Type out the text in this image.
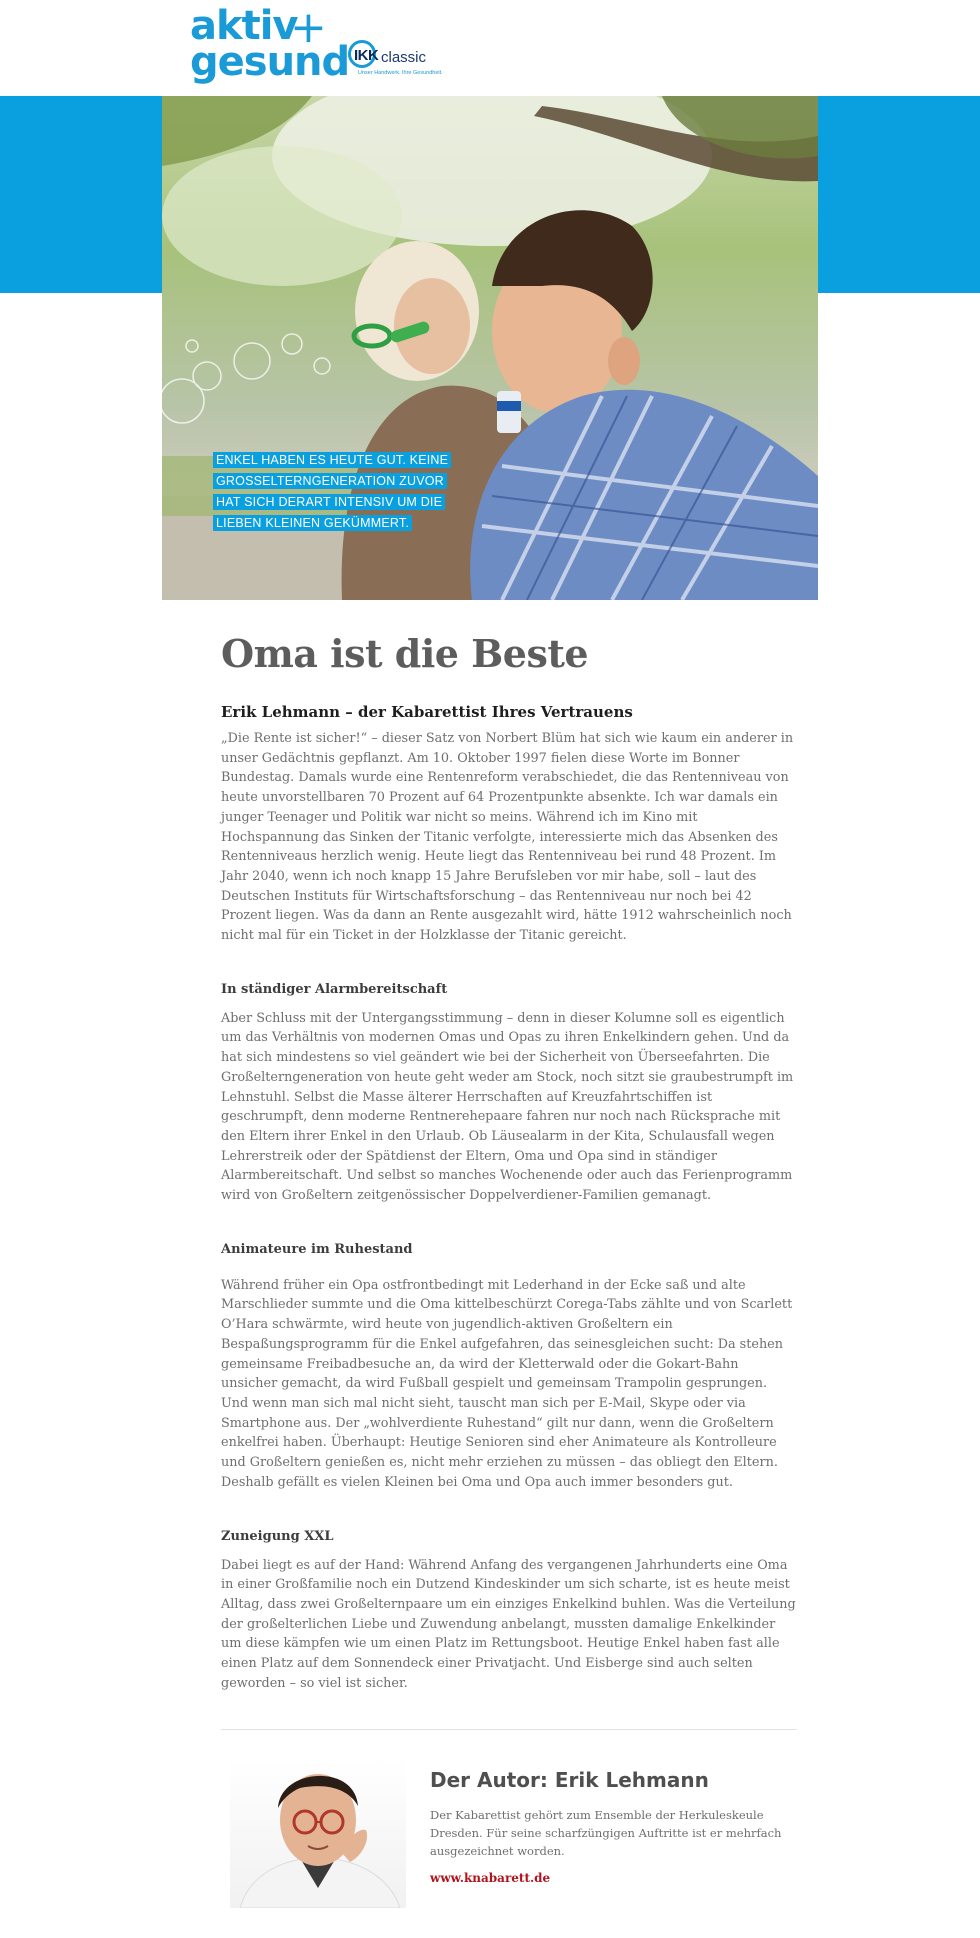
aktiv
gesund
+
IKK classic
Unser Handwerk. Ihre Gesundheit.
ENKEL HABEN ES HEUTE GUT. KEINE GROSSELTERNGENERATION ZUVOR HAT SICH DERART INTENSIV UM DIE LIEBEN KLEINEN GEKÜMMERT.
Oma ist die Beste
Erik Lehmann – der Kabarettist Ihres Vertrauens

„Die Rente ist sicher!“ – dieser Satz von Norbert Blüm hat sich wie kaum ein anderer in unser Gedächtnis gepflanzt. Am 10. Oktober 1997 fielen diese Worte im Bonner Bundestag. Damals wurde eine Rentenreform verabschiedet, die das Rentenniveau von heute unvorstellbaren 70 Prozent auf 64 Prozentpunkte absenkte. Ich war damals ein junger Teenager und Politik war nicht so meins. Während ich im Kino mit Hochspannung das Sinken der Titanic verfolgte, interessierte mich das Absenken des Rentenniveaus herzlich wenig. Heute liegt das Rentenniveau bei rund 48 Prozent. Im Jahr 2040, wenn ich noch knapp 15 Jahre Berufsleben vor mir habe, soll – laut des Deutschen Instituts für Wirtschaftsforschung – das Rentenniveau nur noch bei 42 Prozent liegen. Was da dann an Rente ausgezahlt wird, hätte 1912 wahrscheinlich noch nicht mal für ein Ticket in der Holzklasse der Titanic gereicht.

In ständiger Alarmbereitschaft

Aber Schluss mit der Untergangsstimmung – denn in dieser Kolumne soll es eigentlich um das Verhältnis von modernen Omas und Opas zu ihren Enkelkindern gehen. Und da hat sich mindestens so viel geändert wie bei der Sicherheit von Überseefahrten. Die Großelterngeneration von heute geht weder am Stock, noch sitzt sie graubestrumpft im Lehnstuhl. Selbst die Masse älterer Herrschaften auf Kreuzfahrtschiffen ist geschrumpft, denn moderne Rentnerehepaare fahren nur noch nach Rücksprache mit den Eltern ihrer Enkel in den Urlaub. Ob Läusealarm in der Kita, Schulausfall wegen Lehrerstreik oder der Spätdienst der Eltern, Oma und Opa sind in ständiger Alarmbereitschaft. Und selbst so manches Wochenende oder auch das Ferienprogramm wird von Großeltern zeitgenössischer Doppelverdiener-Familien gemanagt.

Animateure im Ruhestand

Während früher ein Opa ostfrontbedingt mit Lederhand in der Ecke saß und alte Marschlieder summte und die Oma kittelbeschürzt Corega-Tabs zählte und von Scarlett O’Hara schwärmte, wird heute von jugendlich-aktiven Großeltern ein Bespaßungsprogramm für die Enkel aufgefahren, das seinesgleichen sucht: Da stehen gemeinsame Freibadbesuche an, da wird der Kletterwald oder die Gokart-Bahn unsicher gemacht, da wird Fußball gespielt und gemeinsam Trampolin gesprungen. Und wenn man sich mal nicht sieht, tauscht man sich per E-Mail, Skype oder via Smartphone aus. Der „wohlverdiente Ruhestand“ gilt nur dann, wenn die Großeltern enkelfrei haben. Überhaupt: Heutige Senioren sind eher Animateure als Kontrolleure und Großeltern genießen es, nicht mehr erziehen zu müssen – das obliegt den Eltern. Deshalb gefällt es vielen Kleinen bei Oma und Opa auch immer besonders gut.

Zuneigung XXL

Dabei liegt es auf der Hand: Während Anfang des vergangenen Jahrhunderts eine Oma in einer Großfamilie noch ein Dutzend Kindeskinder um sich scharte, ist es heute meist Alltag, dass zwei Großelternpaare um ein einziges Enkelkind buhlen. Was die Verteilung der großelterlichen Liebe und Zuwendung anbelangt, mussten damalige Enkelkinder um diese kämpfen wie um einen Platz im Rettungsboot. Heutige Enkel haben fast alle einen Platz auf dem Sonnendeck einer Privatjacht. Und Eisberge sind auch selten geworden – so viel ist sicher.

Der Autor: Erik Lehmann

Der Kabarettist gehört zum Ensemble der Herkuleskeule Dresden. Für seine scharfzüngigen Auftritte ist er mehrfach ausgezeichnet worden.

www.knabarett.de
